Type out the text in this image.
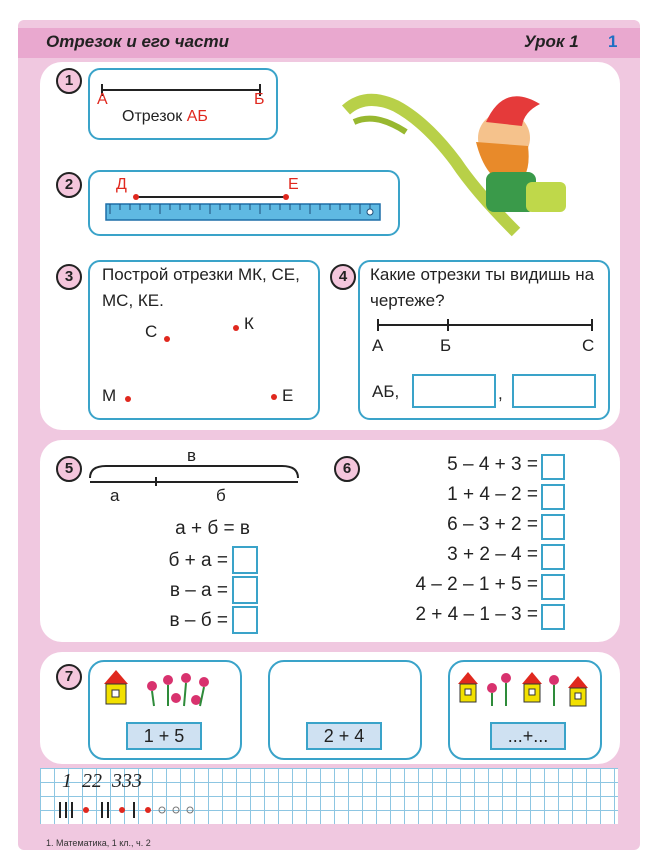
Отрезок и его части	Урок 1 1
1
А	Б
Отрезок АБ
2	Д	Е
3	Построй отрезки МК, СЕ, МС, КЕ.
С	К
М	Е
4	Какие отрезки ты видишь на чертеже?
А	Б	С
АБ,	,
5
в
а	б
а + б = в
б + а =
в – а =
в – б =
6	5 – 4 + 3 =
1 + 4 – 2 =
6 – 3 + 2 =
3 + 2 – 4 =
4 – 2 – 1 + 5 =
2 + 4 – 1 – 3 =
7
1 + 5	2 + 4	...+...
1  22  333
1. Математика, 1 кл., ч. 2
